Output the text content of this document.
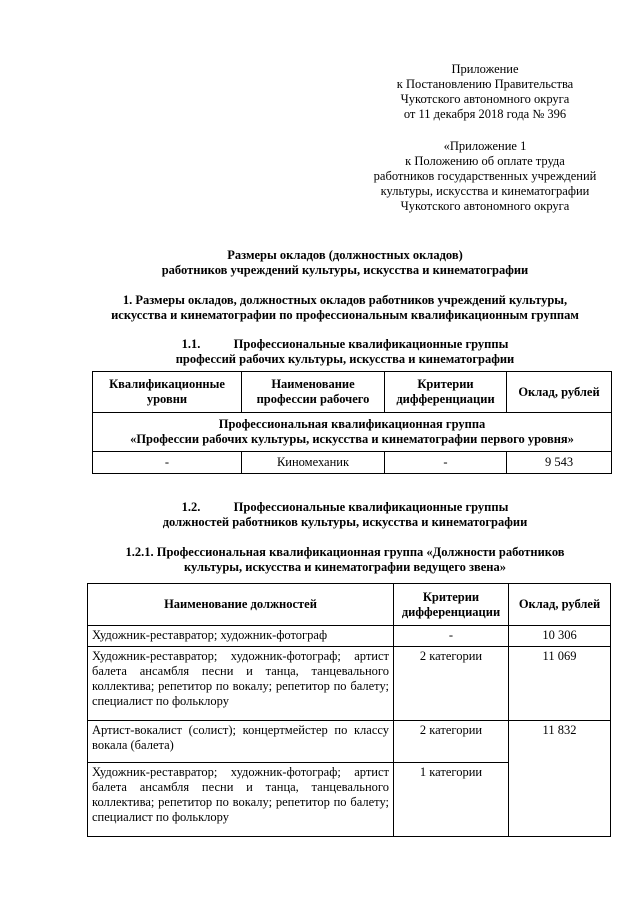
Приложение
к Постановлению Правительства
Чукотского автономного округа
от 11 декабря 2018 года № 396
«Приложение 1
к Положению об оплате труда
работников государственных учреждений
культуры, искусства и кинематографии
Чукотского автономного округа
Размеры окладов (должностных окладов)
работников учреждений культуры, искусства и кинематографии
1. Размеры окладов, должностных окладов работников учреждений культуры,
искусства и кинематографии по профессиональным квалификационным группам
1.1.	Профессиональные квалификационные группы
профессий рабочих культуры, искусства и кинематографии
Квалификационные уровни	Наименование профессии рабочего	Критерии дифференциации	Оклад, рублей

Профессиональная квалификационная группа
«Профессии рабочих культуры, искусства и кинематографии первого уровня»			

-	Киномеханик	-	9 543
1.2.	Профессиональные квалификационные группы
должностей работников культуры, искусства и кинематографии
1.2.1. Профессиональная квалификационная группа «Должности работников
культуры, искусства и кинематографии ведущего звена»
Наименование должностей	Критерии дифференциации	Оклад, рублей
Художник-реставратор; художник-фотограф	-	10 306
Художник-реставратор; художник-фотограф; артист балета ансамбля песни и танца, танцевального коллектива; репетитор по вокалу; репетитор по балету; специалист по фольклору	2 категории	11 069
Артист-вокалист (солист); концертмейстер по классу вокала (балета)	2 категории	11 832
Художник-реставратор; художник-фотограф; артист балета ансамбля песни и танца, танцевального коллектива; репетитор по вокалу; репетитор по балету; специалист по фольклору	1 категории	
